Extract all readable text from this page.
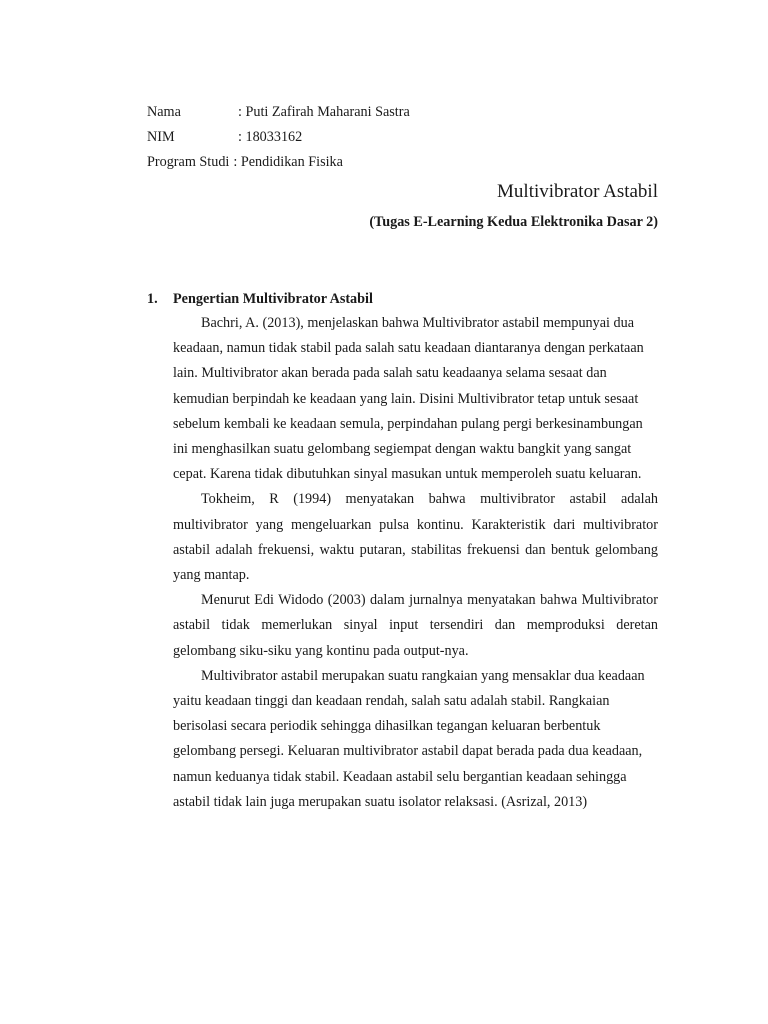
Nama	: Puti Zafirah Maharani Sastra
NIM	: 18033162
Program Studi : Pendidikan Fisika
Multivibrator Astabil
(Tugas E-Learning Kedua Elektronika Dasar 2)
1. Pengertian Multivibrator Astabil

Bachri, A. (2013), menjelaskan bahwa Multivibrator astabil mempunyai dua keadaan, namun tidak stabil pada salah satu keadaan diantaranya dengan perkataan lain. Multivibrator akan berada pada salah satu keadaanya selama sesaat dan kemudian berpindah ke keadaan yang lain. Disini Multivibrator tetap untuk sesaat sebelum kembali ke keadaan semula, perpindahan pulang pergi berkesinambungan ini menghasilkan suatu gelombang segiempat dengan waktu bangkit yang sangat cepat. Karena tidak dibutuhkan sinyal masukan untuk memperoleh suatu keluaran.

Tokheim, R (1994) menyatakan bahwa multivibrator astabil adalah multivibrator yang mengeluarkan pulsa kontinu. Karakteristik dari multivibrator astabil adalah frekuensi, waktu putaran, stabilitas frekuensi dan bentuk gelombang yang mantap.

Menurut Edi Widodo (2003) dalam jurnalnya menyatakan bahwa Multivibrator astabil tidak memerlukan sinyal input tersendiri dan memproduksi deretan gelombang siku-siku yang kontinu pada output-nya.

Multivibrator astabil merupakan suatu rangkaian yang mensaklar dua keadaan yaitu keadaan tinggi dan keadaan rendah, salah satu adalah stabil. Rangkaian berisolasi secara periodik sehingga dihasilkan tegangan keluaran berbentuk gelombang persegi. Keluaran multivibrator astabil dapat berada pada dua keadaan, namun keduanya tidak stabil. Keadaan astabil selu bergantian keadaan sehingga astabil tidak lain juga merupakan suatu isolator relaksasi. (Asrizal, 2013)
